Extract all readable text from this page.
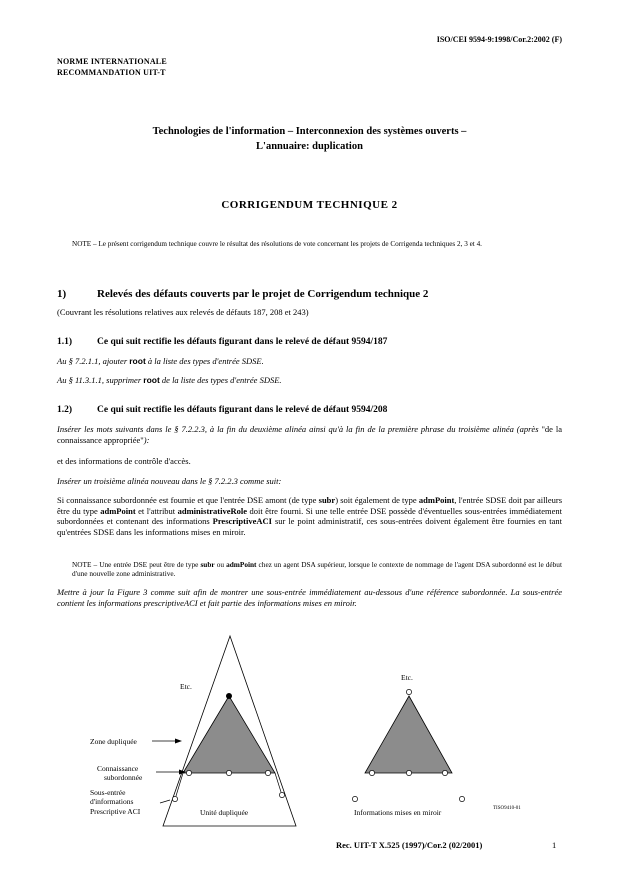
ISO/CEI 9594-9:1998/Cor.2:2002 (F)
NORME INTERNATIONALE
RECOMMANDATION UIT-T
Technologies de l'information – Interconnexion des systèmes ouverts –
L'annuaire: duplication
CORRIGENDUM TECHNIQUE 2
NOTE – Le présent corrigendum technique couvre le résultat des résolutions de vote concernant les projets de Corrigenda techniques 2, 3 et 4.
1)	Relevés des défauts couverts par le projet de Corrigendum technique 2
(Couvrant les résolutions relatives aux relevés de défauts 187, 208 et 243)
1.1)	Ce qui suit rectifie les défauts figurant dans le relevé de défaut 9594/187
Au § 7.2.1.1, ajouter root à la liste des types d'entrée SDSE.
Au § 11.3.1.1, supprimer root de la liste des types d'entrée SDSE.
1.2)	Ce qui suit rectifie les défauts figurant dans le relevé de défaut 9594/208
Insérer les mots suivants dans le § 7.2.2.3, à la fin du deuxième alinéa ainsi qu'à la fin de la première phrase du troisième alinéa (après "de la connaissance appropriée"):
et des informations de contrôle d'accès.
Insérer un troisième alinéa nouveau dans le § 7.2.2.3 comme suit:
Si connaissance subordonnée est fournie et que l'entrée DSE amont (de type subr) soit également de type admPoint, l'entrée SDSE doit par ailleurs être du type admPoint et l'attribut administrativeRole doit être fourni. Si une telle entrée DSE possède d'éventuelles sous-entrées immédiatement subordonnées et contenant des informations PrescriptiveACI sur le point administratif, ces sous-entrées doivent également être fournies en tant qu'entrées SDSE dans les informations mises en miroir.
NOTE – Une entrée DSE peut être de type subr ou admPoint chez un agent DSA supérieur, lorsque le contexte de nommage de l'agent DSA subordonné est le début d'une nouvelle zone administrative.
Mettre à jour la Figure 3 comme suit afin de montrer une sous-entrée immédiatement au-dessous d'une référence subordonnée. La sous-entrée contient les informations prescriptiveACI et fait partie des informations mises en miroir.
Etc.
Zone dupliquée
Connaissance
subordonnée
Sous-entrée
d'informations
Prescriptive ACI	Unité dupliquée
Etc.
Informations mises en miroir	TISO9410-01
Rec. UIT-T X.525 (1997)/Cor.2 (02/2001)	1
